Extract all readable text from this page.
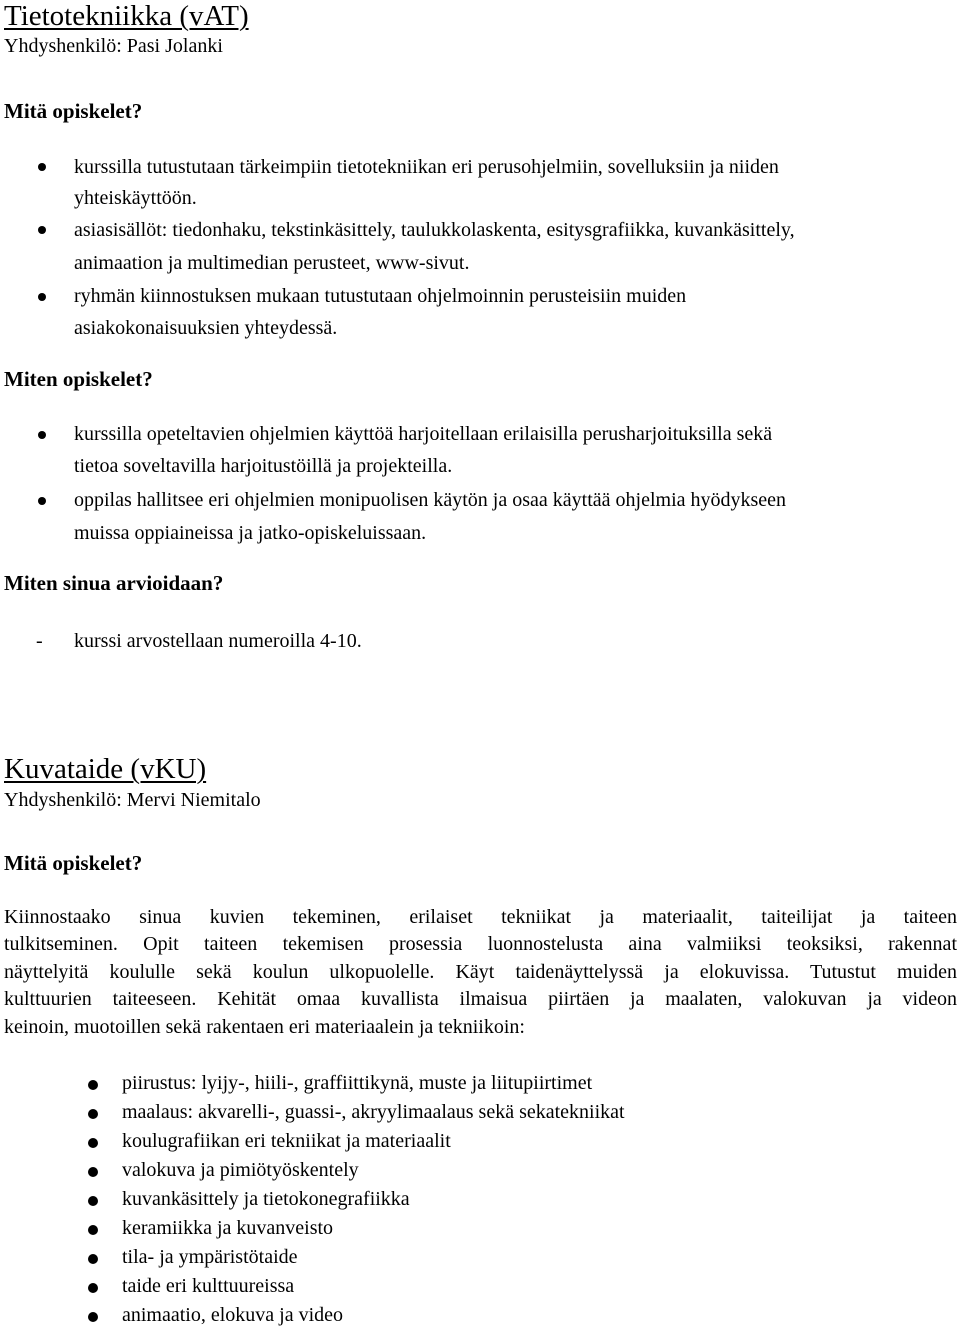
Tietotekniikka (vAT)
Yhdyshenkilö: Pasi Jolanki
Mitä opiskelet?
kurssilla tutustutaan tärkeimpiin tietotekniikan eri perusohjelmiin, sovelluksiin ja niiden
yhteiskäyttöön.
asiasisällöt: tiedonhaku, tekstinkäsittely, taulukkolaskenta, esitysgrafiikka, kuvankäsittely,
animaation ja multimedian perusteet, www-sivut.
ryhmän kiinnostuksen mukaan tutustutaan ohjelmoinnin perusteisiin muiden
asiakokonaisuuksien yhteydessä.
Miten opiskelet?
kurssilla opeteltavien ohjelmien käyttöä harjoitellaan erilaisilla perusharjoituksilla sekä
tietoa soveltavilla harjoitustöillä ja projekteilla.
oppilas hallitsee eri ohjelmien monipuolisen käytön ja osaa käyttää ohjelmia hyödykseen
muissa oppiaineissa ja jatko-opiskeluissaan.
Miten sinua arvioidaan?
- kurssi arvostellaan numeroilla 4-10.
Kuvataide (vKU)
Yhdyshenkilö: Mervi Niemitalo
Mitä opiskelet?
Kiinnostaako sinua kuvien tekeminen, erilaiset tekniikat ja materiaalit, taiteilijat ja taiteen
tulkitseminen. Opit taiteen tekemisen prosessia luonnostelusta aina valmiiksi teoksiksi, rakennat
näyttelyitä koululle sekä koulun ulkopuolelle. Käyt taidenäyttelyssä ja elokuvissa. Tutustut muiden
kulttuurien taiteeseen. Kehität omaa kuvallista ilmaisua piirtäen ja maalaten, valokuvan ja videon
keinoin, muotoillen sekä rakentaen eri materiaalein ja tekniikoin:
piirustus: lyijy-, hiili-, graffiittikynä, muste ja liitupiirtimet
maalaus: akvarelli-, guassi-, akryylimaalaus sekä sekatekniikat
koulugrafiikan eri tekniikat ja materiaalit
valokuva ja pimiötyöskentely
kuvankäsittely ja tietokonegrafiikka
keramiikka ja kuvanveisto
tila- ja ympäristötaide
taide eri kulttuureissa
animaatio, elokuva ja video
